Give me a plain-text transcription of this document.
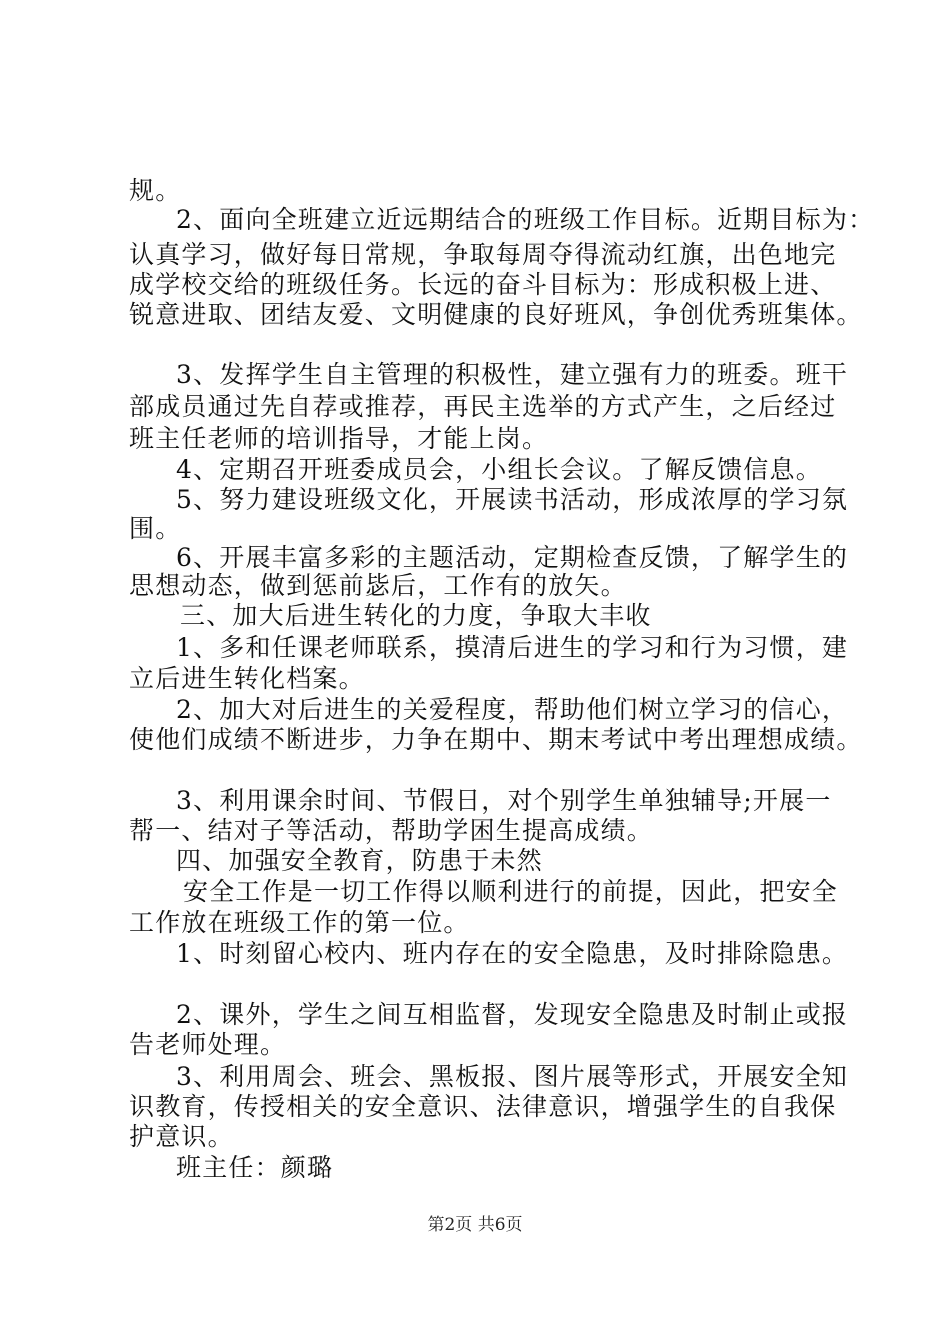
规。
2、面向全班建立近远期结合的班级工作目标。近期目标为：
认真学习，做好每日常规，争取每周夺得流动红旗，出色地完
成学校交给的班级任务。长远的奋斗目标为：形成积极上进、
锐意进取、团结友爱、文明健康的良好班风，争创优秀班集体。
3、发挥学生自主管理的积极性，建立强有力的班委。班干
部成员通过先自荐或推荐，再民主选举的方式产生，之后经过
班主任老师的培训指导，才能上岗。
4、定期召开班委成员会，小组长会议。了解反馈信息。
5、努力建设班级文化，开展读书活动，形成浓厚的学习氛
围。
6、开展丰富多彩的主题活动，定期检查反馈，了解学生的
思想动态，做到惩前毖后，工作有的放矢。
三、加大后进生转化的力度，争取大丰收
1、多和任课老师联系，摸清后进生的学习和行为习惯，建
立后进生转化档案。
2、加大对后进生的关爱程度，帮助他们树立学习的信心，
使他们成绩不断进步，力争在期中、期末考试中考出理想成绩。
3、利用课余时间、节假日，对个别学生单独辅导;开展一
帮一、结对子等活动，帮助学困生提高成绩。
四、加强安全教育，防患于未然
安全工作是一切工作得以顺利进行的前提，因此，把安全
工作放在班级工作的第一位。
1、时刻留心校内、班内存在的安全隐患，及时排除隐患。
2、课外，学生之间互相监督，发现安全隐患及时制止或报
告老师处理。
3、利用周会、班会、黑板报、图片展等形式，开展安全知
识教育，传授相关的安全意识、法律意识，增强学生的自我保
护意识。
班主任：颜璐
第2页 共6页
